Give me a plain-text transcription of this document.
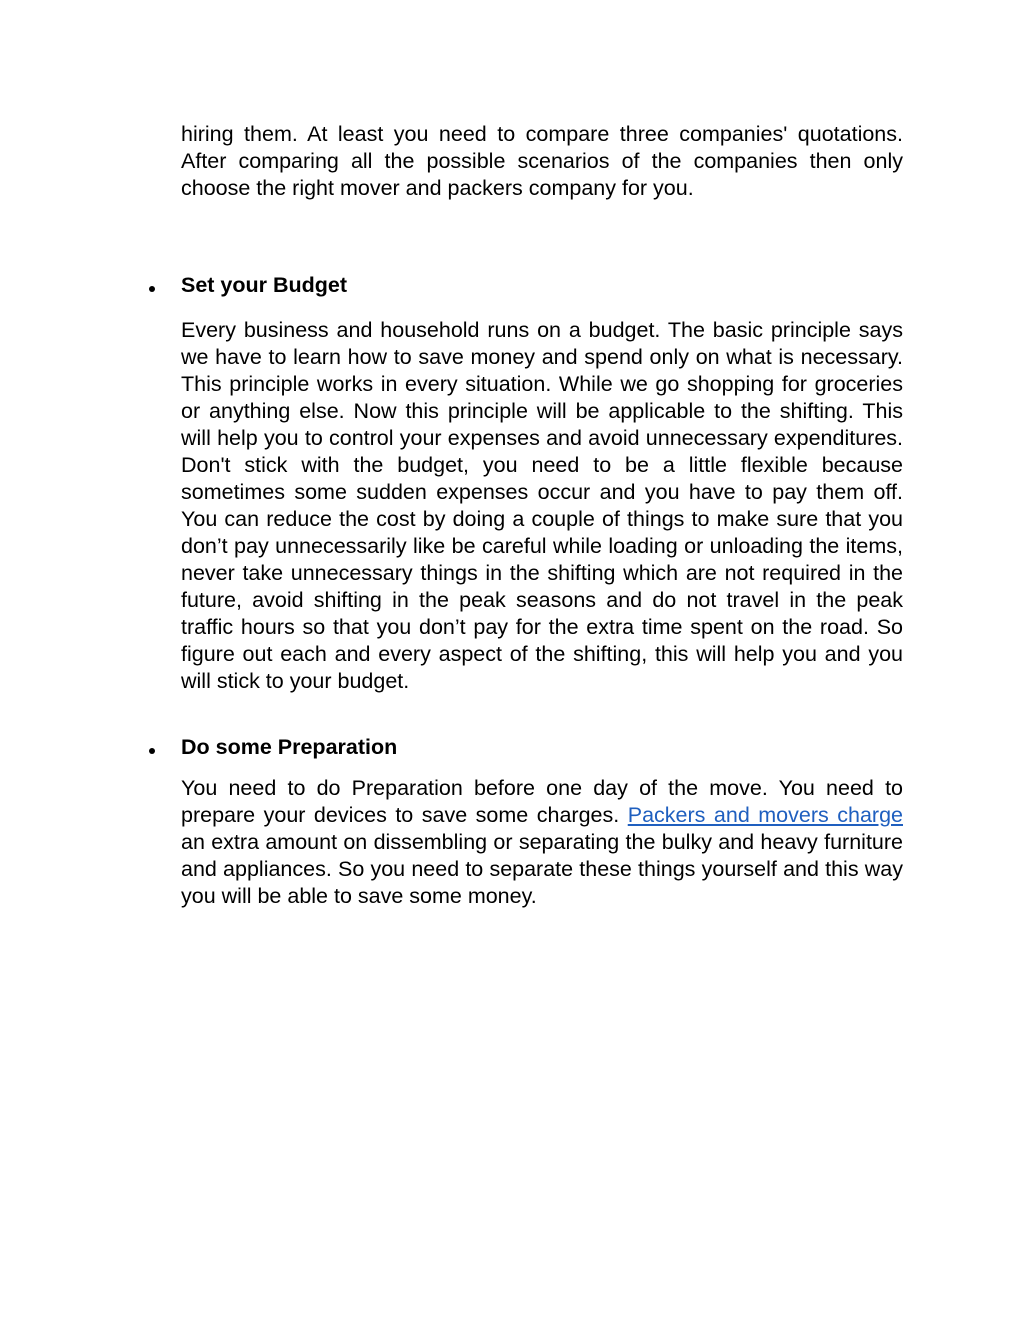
hiring them. At least you need to compare three companies' quotations. After comparing all the possible scenarios of the companies then only choose the right mover and packers company for you.

Set your Budget

Every business and household runs on a budget. The basic principle says we have to learn how to save money and spend only on what is necessary. This principle works in every situation. While we go shopping for groceries or anything else. Now this principle will be applicable to the shifting. This will help you to control your expenses and avoid unnecessary expenditures. Don't stick with the budget, you need to be a little flexible because sometimes some sudden expenses occur and you have to pay them off. You can reduce the cost by doing a couple of things to make sure that you don’t pay unnecessarily like be careful while loading or unloading the items, never take unnecessary things in the shifting which are not required in the future, avoid shifting in the peak seasons and do not travel in the peak traffic hours so that you don’t pay for the extra time spent on the road. So figure out each and every aspect of the shifting, this will help you and you will stick to your budget.

Do some Preparation

You need to do Preparation before one day of the move. You need to prepare your devices to save some charges. Packers and movers charge an extra amount on dissembling or separating the bulky and heavy furniture and appliances. So you need to separate these things yourself and this way you will be able to save some money.
